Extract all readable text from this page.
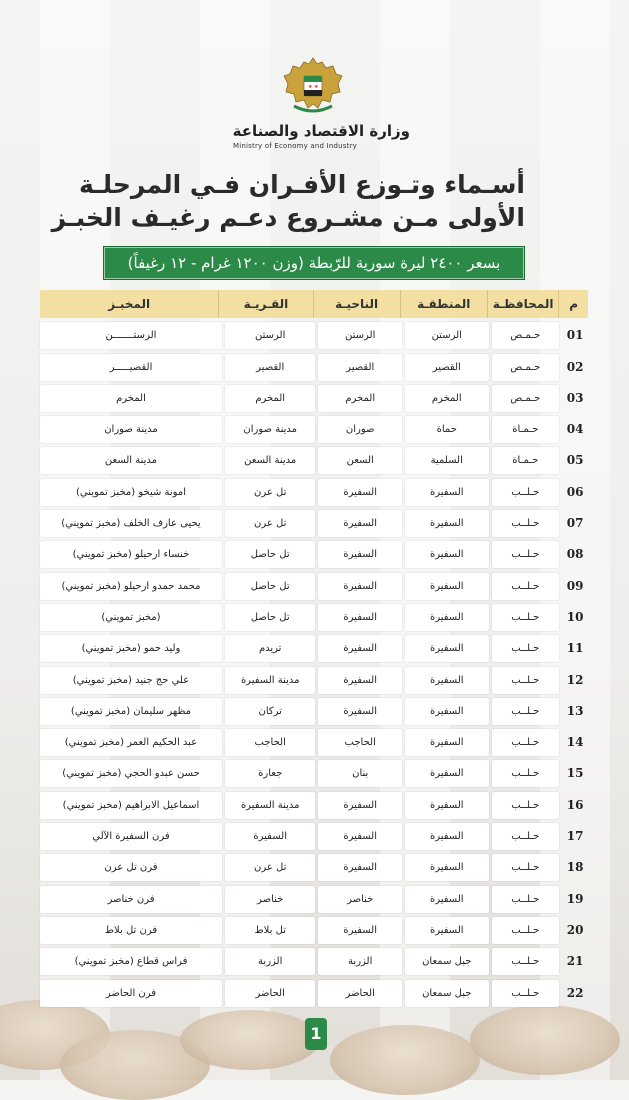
★ ★
وزارة الاقتصاد والصناعة
Ministry of Economy and Industry
أسـماء وتـوزع الأفـران فـي المرحلـة
الأولى مـن مشـروع دعـم رغيـف الخبـز
بسعر ٢٤٠٠ ليرة سورية للرّبطة (وزن ١٢٠٠ غرام - ١٢ رغيفاً)
م
المحافظـة
المنطقـة
الناحيـة
القـريـة
المخبـز
01
حـمـص
الرستن
الرستن
الرستن
الرستـــــــن
02
حـمـص
القصير
القصير
القصير
القصيـــــر
03
حـمـص
المخرم
المخرم
المخرم
المخرم
04
حـمـاة
حماة
صوران
مدينة صوران
مدينة صوران
05
حـمـاة
السلمية
السعن
مدينة السعن
مدينة السعن
06
حـلــب
السفيرة
السفيرة
تل عرن
امونة شيخو (مخبز تمويني)
07
حـلــب
السفيرة
السفيرة
تل عرن
يحيى عارف الخلف (مخبز تمويني)
08
حـلــب
السفيرة
السفيرة
تل حاصل
خنساء ارحيلو (مخبز تمويني)
09
حـلــب
السفيرة
السفيرة
تل حاصل
محمد حمدو ارحيلو (مخبز تمويني)
10
حـلــب
السفيرة
السفيرة
تل حاصل
(مخبز تمويني)
11
حـلــب
السفيرة
السفيرة
تريدم
وليد حمو (مخبز تمويني)
12
حـلــب
السفيرة
السفيرة
مدينة السفيرة
علي حج جنيد (مخبز تمويني)
13
حـلــب
السفيرة
السفيرة
تركان
مظهر سليمان (مخبز تمويني)
14
حـلــب
السفيرة
الحاجب
الحاجب
عبد الحكيم العمر (مخبز تمويني)
15
حـلــب
السفيرة
بنان
جعارة
حسن عبدو الحجي (مخبز تمويني)
16
حـلــب
السفيرة
السفيرة
مدينة السفيرة
اسماعيل الابراهيم (مخبز تمويني)
17
حـلــب
السفيرة
السفيرة
السفيرة
فرن السفيرة الآلي
18
حـلــب
السفيرة
السفيرة
تل عرن
فرن تل عرن
19
حـلــب
السفيرة
خناصر
خناصر
فرن خناصر
20
حـلــب
السفيرة
السفيرة
تل بلاط
فرن تل بلاط
21
حـلــب
جبل سمعان
الزربة
الزربة
فراس قطاع (مخبز تمويني)
22
حـلــب
جبل سمعان
الحاضر
الحاضر
فرن الحاضر
1
